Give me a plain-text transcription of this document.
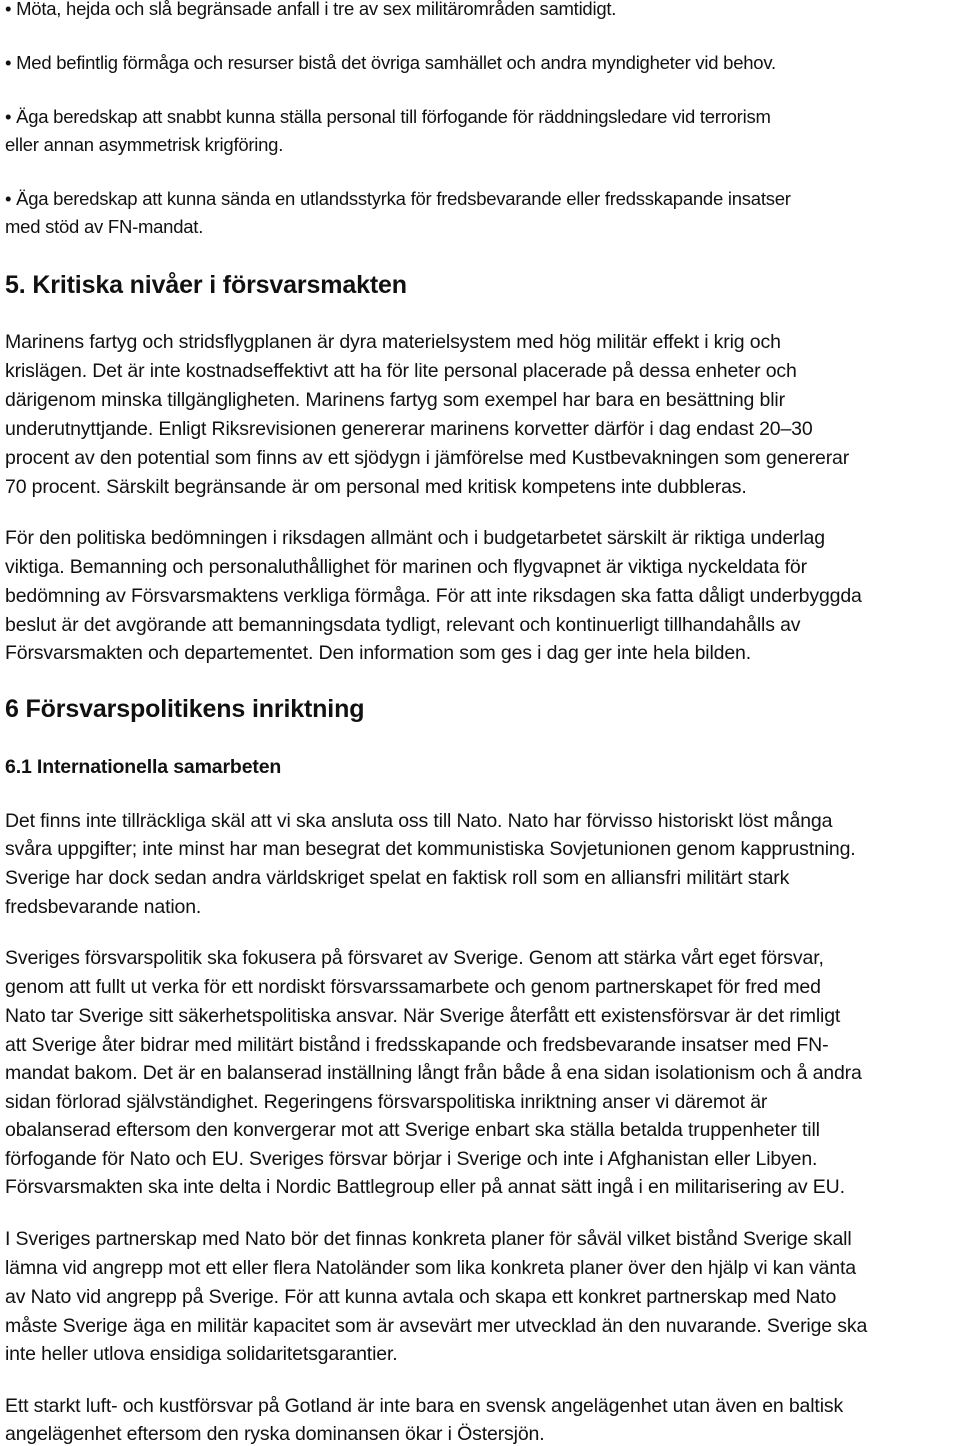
• Möta, hejda och slå begränsade anfall i tre av sex militärområden samtidigt.
• Med befintlig förmåga och resurser bistå det övriga samhället och andra myndigheter vid behov.
• Äga beredskap att snabbt kunna ställa personal till förfogande för räddningsledare vid terrorism
eller annan asymmetrisk krigföring.
• Äga beredskap att kunna sända en utlandsstyrka för fredsbevarande eller fredsskapande insatser
med stöd av FN-mandat.
5. Kritiska nivåer i försvarsmakten
Marinens fartyg och stridsflygplanen är dyra materielsystem med hög militär effekt i krig och
krislägen. Det är inte kostnadseffektivt att ha för lite personal placerade på dessa enheter och
därigenom minska tillgängligheten. Marinens fartyg som exempel har bara en besättning blir
underutnyttjande. Enligt Riksrevisionen genererar marinens korvetter därför i dag endast 20–30
procent av den potential som finns av ett sjödygn i jämförelse med Kustbevakningen som genererar
70 procent. Särskilt begränsande är om personal med kritisk kompetens inte dubbleras.
För den politiska bedömningen i riksdagen allmänt och i budgetarbetet särskilt är riktiga underlag
viktiga. Bemanning och personaluthållighet för marinen och flygvapnet är viktiga nyckeldata för
bedömning av Försvarsmaktens verkliga förmåga. För att inte riksdagen ska fatta dåligt underbyggda
beslut är det avgörande att bemanningsdata tydligt, relevant och kontinuerligt tillhandahålls av
Försvarsmakten och departementet. Den information som ges i dag ger inte hela bilden.
6 Försvarspolitikens inriktning
6.1 Internationella samarbeten
Det finns inte tillräckliga skäl att vi ska ansluta oss till Nato. Nato har förvisso historiskt löst många
svåra uppgifter; inte minst har man besegrat det kommunistiska Sovjetunionen genom kapprustning.
Sverige har dock sedan andra världskriget spelat en faktisk roll som en alliansfri militärt stark
fredsbevarande nation.
Sveriges försvarspolitik ska fokusera på försvaret av Sverige. Genom att stärka vårt eget försvar,
genom att fullt ut verka för ett nordiskt försvarssamarbete och genom partnerskapet för fred med
Nato tar Sverige sitt säkerhetspolitiska ansvar. När Sverige återfått ett existensförsvar är det rimligt
att Sverige åter bidrar med militärt bistånd i fredsskapande och fredsbevarande insatser med FN-
mandat bakom. Det är en balanserad inställning långt från både å ena sidan isolationism och å andra
sidan förlorad självständighet. Regeringens försvarspolitiska inriktning anser vi däremot är
obalanserad eftersom den konvergerar mot att Sverige enbart ska ställa betalda truppenheter till
förfogande för Nato och EU. Sveriges försvar börjar i Sverige och inte i Afghanistan eller Libyen.
Försvarsmakten ska inte delta i Nordic Battlegroup eller på annat sätt ingå i en militarisering av EU.
I Sveriges partnerskap med Nato bör det finnas konkreta planer för såväl vilket bistånd Sverige skall
lämna vid angrepp mot ett eller flera Natoländer som lika konkreta planer över den hjälp vi kan vänta
av Nato vid angrepp på Sverige. För att kunna avtala och skapa ett konkret partnerskap med Nato
måste Sverige äga en militär kapacitet som är avsevärt mer utvecklad än den nuvarande. Sverige ska
inte heller utlova ensidiga solidaritetsgarantier.
Ett starkt luft- och kustförsvar på Gotland är inte bara en svensk angelägenhet utan även en baltisk
angelägenhet eftersom den ryska dominansen ökar i Östersjön.
